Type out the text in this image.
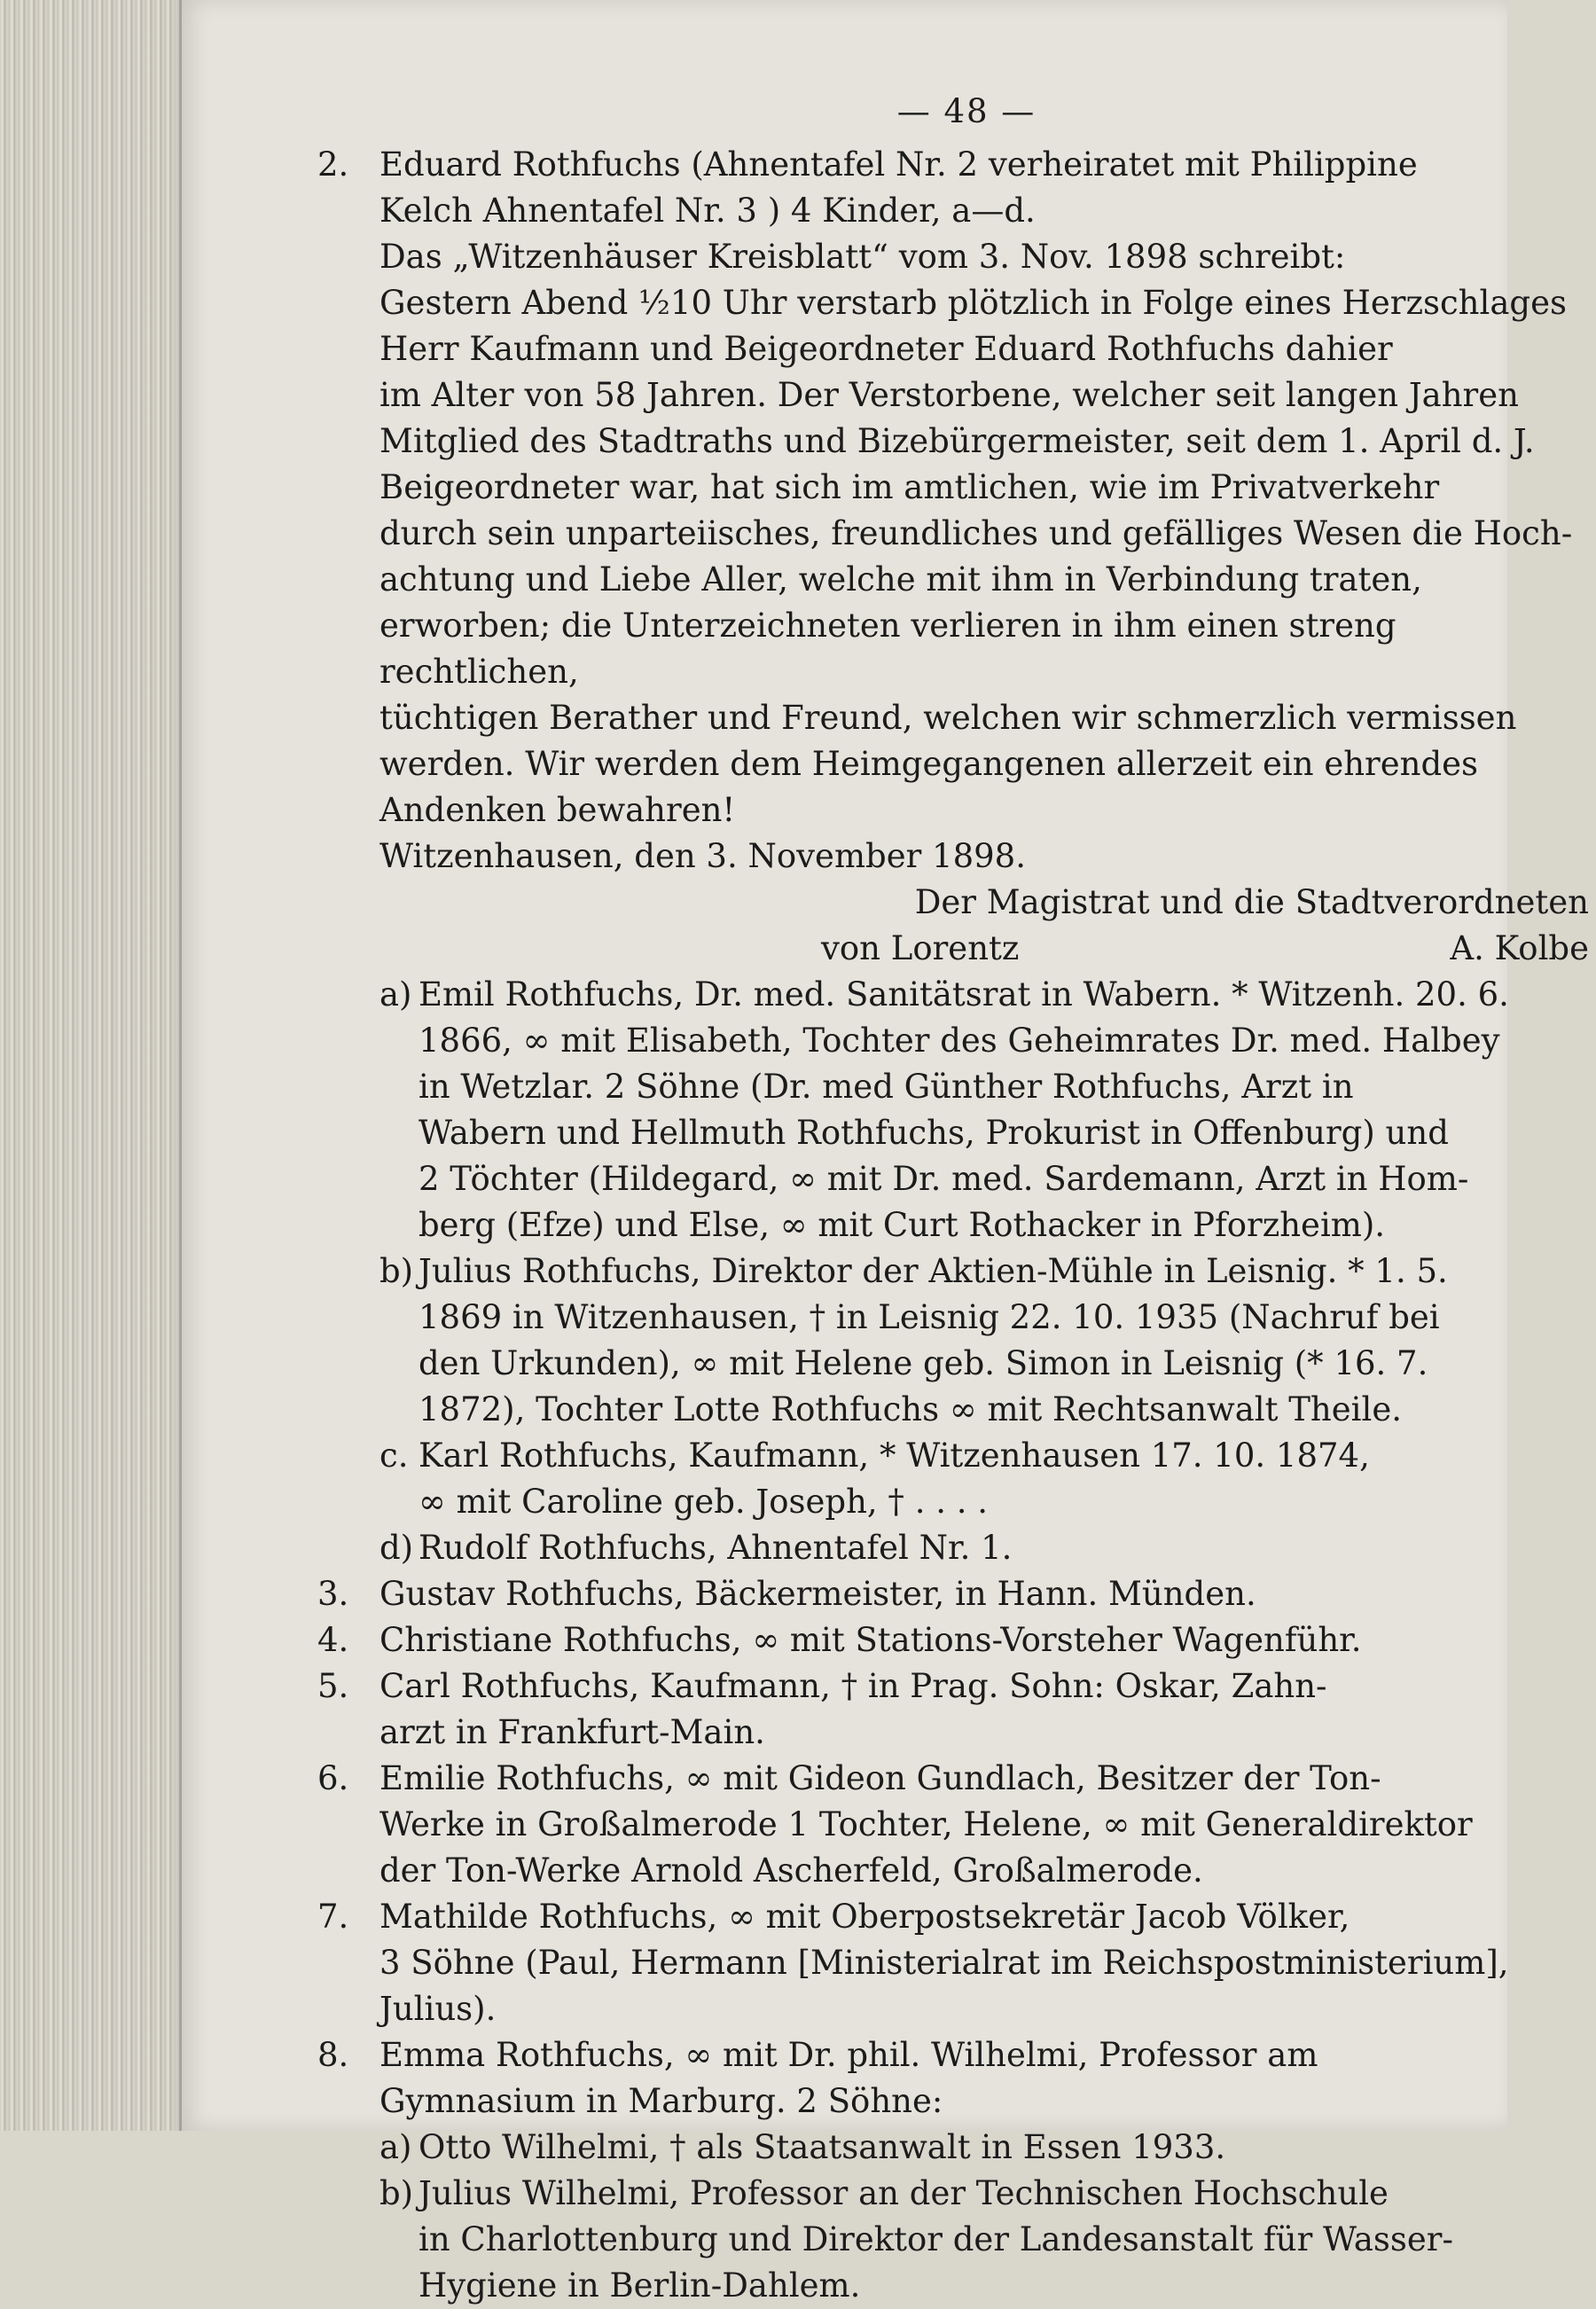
— 48 —
2. Eduard Rothfuchs (Ahnentafel Nr. 2 verheiratet mit Philippine
Kelch Ahnentafel Nr. 3 ) 4 Kinder, a—d.
Das „Witzenhäuser Kreisblatt“ vom 3. Nov. 1898 schreibt:
Gestern Abend ½10 Uhr verstarb plötzlich in Folge eines Herzschlages
Herr Kaufmann und Beigeordneter Eduard Rothfuchs dahier
im Alter von 58 Jahren. Der Verstorbene, welcher seit langen Jahren
Mitglied des Stadtraths und Bizebürgermeister, seit dem 1. April d. J.
Beigeordneter war, hat sich im amtlichen, wie im Privatverkehr
durch sein unparteiisches, freundliches und gefälliges Wesen die Hoch-
achtung und Liebe Aller, welche mit ihm in Verbindung traten,
erworben; die Unterzeichneten verlieren in ihm einen streng rechtlichen,
tüchtigen Berather und Freund, welchen wir schmerzlich vermissen
werden. Wir werden dem Heimgegangenen allerzeit ein ehrendes
Andenken bewahren!
Witzenhausen, den 3. November 1898.
Der Magistrat und die Stadtverordneten
von Lorentz	A. Kolbe
a) Emil Rothfuchs, Dr. med. Sanitätsrat in Wabern. * Witzenh. 20. 6.
1866, ∞ mit Elisabeth, Tochter des Geheimrates Dr. med. Halbey
in Wetzlar. 2 Söhne (Dr. med Günther Rothfuchs, Arzt in
Wabern und Hellmuth Rothfuchs, Prokurist in Offenburg) und
2 Töchter (Hildegard, ∞ mit Dr. med. Sardemann, Arzt in Hom-
berg (Efze) und Else, ∞ mit Curt Rothacker in Pforzheim).
b) Julius Rothfuchs, Direktor der Aktien-Mühle in Leisnig. * 1. 5.
1869 in Witzenhausen, † in Leisnig 22. 10. 1935 (Nachruf bei
den Urkunden), ∞ mit Helene geb. Simon in Leisnig (* 16. 7.
1872), Tochter Lotte Rothfuchs ∞ mit Rechtsanwalt Theile.
c. Karl Rothfuchs, Kaufmann, * Witzenhausen 17. 10. 1874,
∞ mit Caroline geb. Joseph, † . . . .
d) Rudolf Rothfuchs, Ahnentafel Nr. 1.
3. Gustav Rothfuchs, Bäckermeister, in Hann. Münden.
4. Christiane Rothfuchs, ∞ mit Stations-Vorsteher Wagenführ.
5. Carl Rothfuchs, Kaufmann, † in Prag. Sohn: Oskar, Zahn-
arzt in Frankfurt-Main.
6. Emilie Rothfuchs, ∞ mit Gideon Gundlach, Besitzer der Ton-
Werke in Großalmerode 1 Tochter, Helene, ∞ mit Generaldirektor
der Ton-Werke Arnold Ascherfeld, Großalmerode.
7. Mathilde Rothfuchs, ∞ mit Oberpostsekretär Jacob Völker,
3 Söhne (Paul, Hermann [Ministerialrat im Reichspostministerium],
Julius).
8. Emma Rothfuchs, ∞ mit Dr. phil. Wilhelmi, Professor am
Gymnasium in Marburg. 2 Söhne:
a) Otto Wilhelmi, † als Staatsanwalt in Essen 1933.
b) Julius Wilhelmi, Professor an der Technischen Hochschule
in Charlottenburg und Direktor der Landesanstalt für Wasser-
Hygiene in Berlin-Dahlem.
